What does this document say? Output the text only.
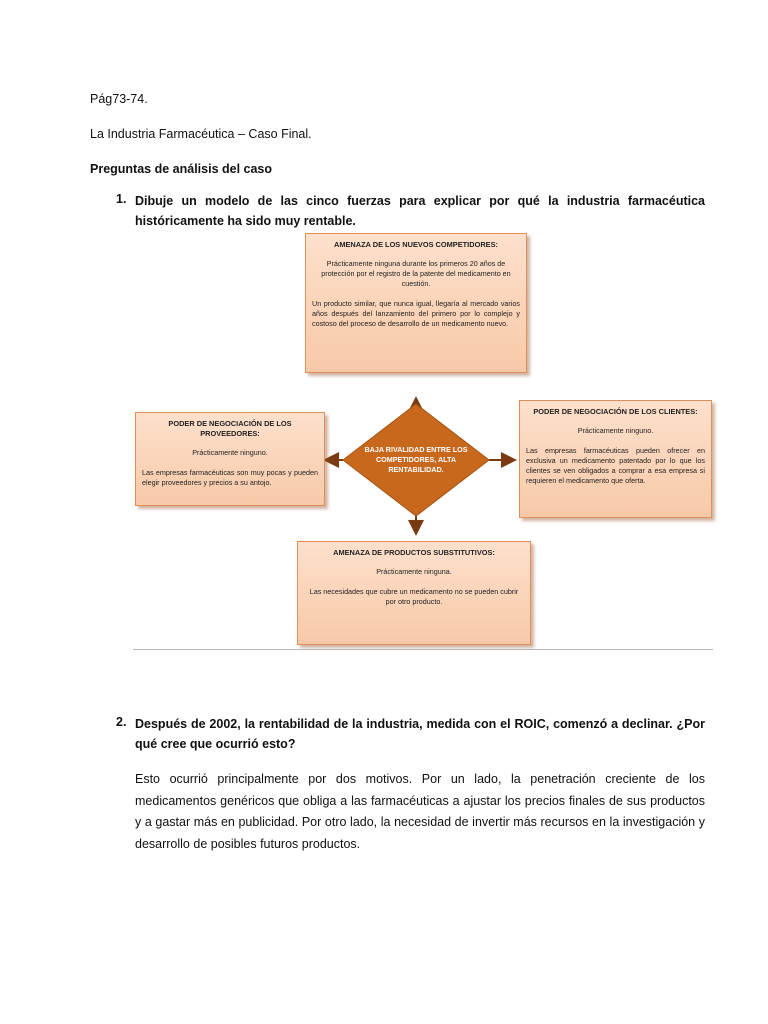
Pág73-74.
La Industria Farmacéutica – Caso Final.
Preguntas de análisis del caso
1. Dibuje un modelo de las cinco fuerzas para explicar por qué la industria farmacéutica históricamente ha sido muy rentable.
AMENAZA DE LOS NUEVOS COMPETIDORES:
Prácticamente ninguna durante los primeros 20 años de protección por el registro de la patente del medicamento en cuestión.
Un producto similar, que nunca igual, llegaría al mercado varios años después del lanzamiento del primero por lo complejo y costoso del proceso de desarrollo de un medicamento nuevo.
PODER DE NEGOCIACIÓN DE LOS PROVEEDORES:
Prácticamente ninguno.
Las empresas farmacéuticas son muy pocas y pueden elegir proveedores y precios a su antojo.
BAJA RIVALIDAD ENTRE LOS COMPETIDORES, ALTA RENTABILIDAD.
PODER DE NEGOCIACIÓN DE LOS CLIENTES:
Prácticamente ninguno.
Las empresas farmacéuticas pueden ofrecer en exclusiva un medicamento patentado por lo que los clientes se ven obligados a comprar a esa empresa si requieren el medicamento que oferta.
AMENAZA DE PRODUCTOS SUBSTITUTIVOS:
Prácticamente ninguna.
Las necesidades que cubre un medicamento no se pueden cubrir por otro producto.
2. Después de 2002, la rentabilidad de la industria, medida con el ROIC, comenzó a declinar. ¿Por qué cree que ocurrió esto?
Esto ocurrió principalmente por dos motivos. Por un lado, la penetración creciente de los medicamentos genéricos que obliga a las farmacéuticas a ajustar los precios finales de sus productos y a gastar más en publicidad. Por otro lado, la necesidad de invertir más recursos en la investigación y desarrollo de posibles futuros productos.
